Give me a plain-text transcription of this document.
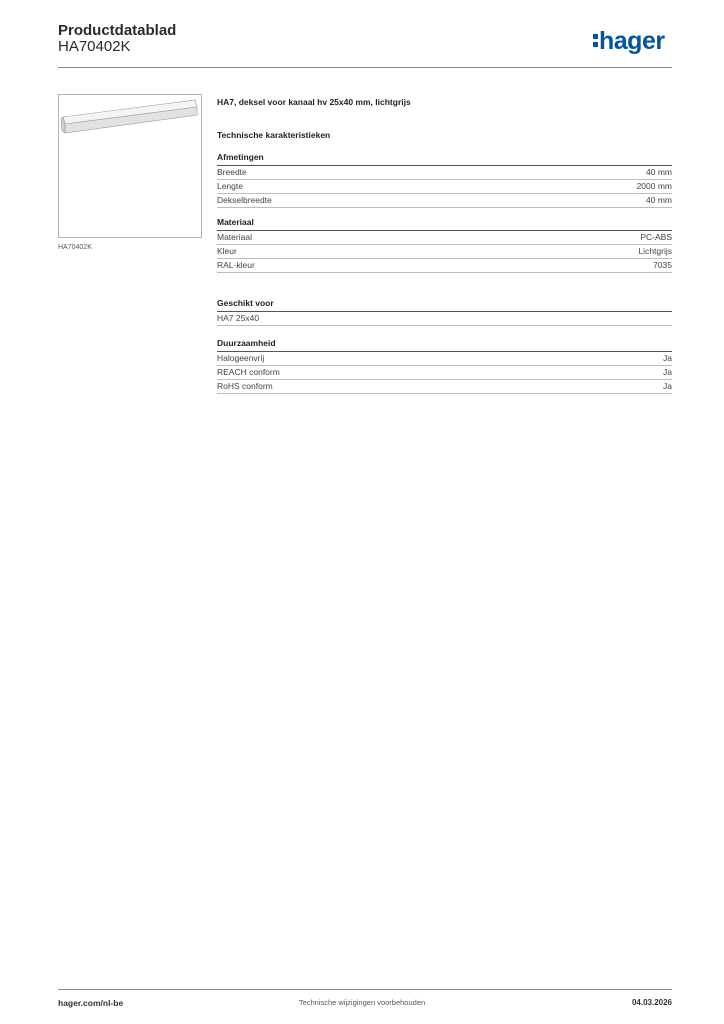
Productdatablad
HA70402K	hager
HA70402K
HA7, deksel voor kanaal hv 25x40 mm, lichtgrijs
Technische karakteristieken
Afmetingen
Breedte	40 mm
Lengte	2000 mm
Dekselbreedte	40 mm
Materiaal
Materiaal	PC-ABS
Kleur	Lichtgrijs
RAL-kleur	7035
Geschikt voor
HA7 25x40
Duurzaamheid
Halogeenvrij	Ja
REACH conform	Ja
RoHS conform	Ja
hager.com/nl-be	Technische wijzigingen voorbehouden	04.03.2026
